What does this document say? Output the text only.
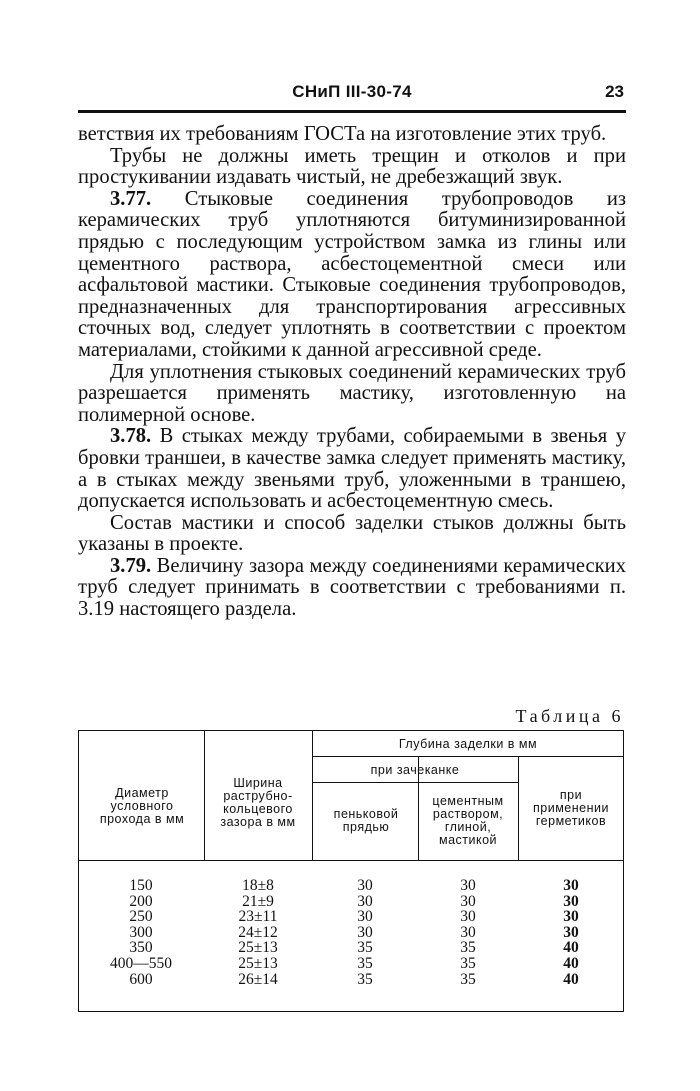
СНиП III-30-74	23

ветствия их требованиям ГОСТа на изготовление этих труб.

Трубы не должны иметь трещин и отколов и при простукивании издавать чистый, не дребезжащий звук.

3.77. Стыковые соединения трубопроводов из керамических труб уплотняются битуминизированной прядью с последующим устройством замка из глины или цементного раствора, асбестоцементной смеси или асфальтовой мастики. Стыковые соединения трубопроводов, предназначенных для транспортирования агрессивных сточных вод, следует уплотнять в соответствии с проектом материалами, стойкими к данной агрессивной среде.

Для уплотнения стыковых соединений керамических труб разрешается применять мастику, изготовленную на полимерной основе.

3.78. В стыках между трубами, собираемыми в звенья у бровки траншеи, в качестве замка следует применять мастику, а в стыках между звеньями труб, уложенными в траншею, допускается использовать и асбестоцементную смесь.

Состав мастики и способ заделки стыков должны быть указаны в проекте.

3.79. Величину зазора между соединениями керамических труб следует принимать в соответствии с требованиями п. 3.19 настоящего раздела.

Таблица 6
Диаметр условного прохода в мм
Ширина раструбно-кольцевого зазора в мм
Глубина заделки в мм
при зачеканке
пеньковой прядью
цементным раствором, глиной, мастикой
при применении герметиков
150
200
250
300
350
400—550
600
18±8
21±9
23±11
24±12
25±13
25±13
26±14
30
30
30
30
35
35
35
30
30
30
30
35
35
35
30
30
30
30
40
40
40
